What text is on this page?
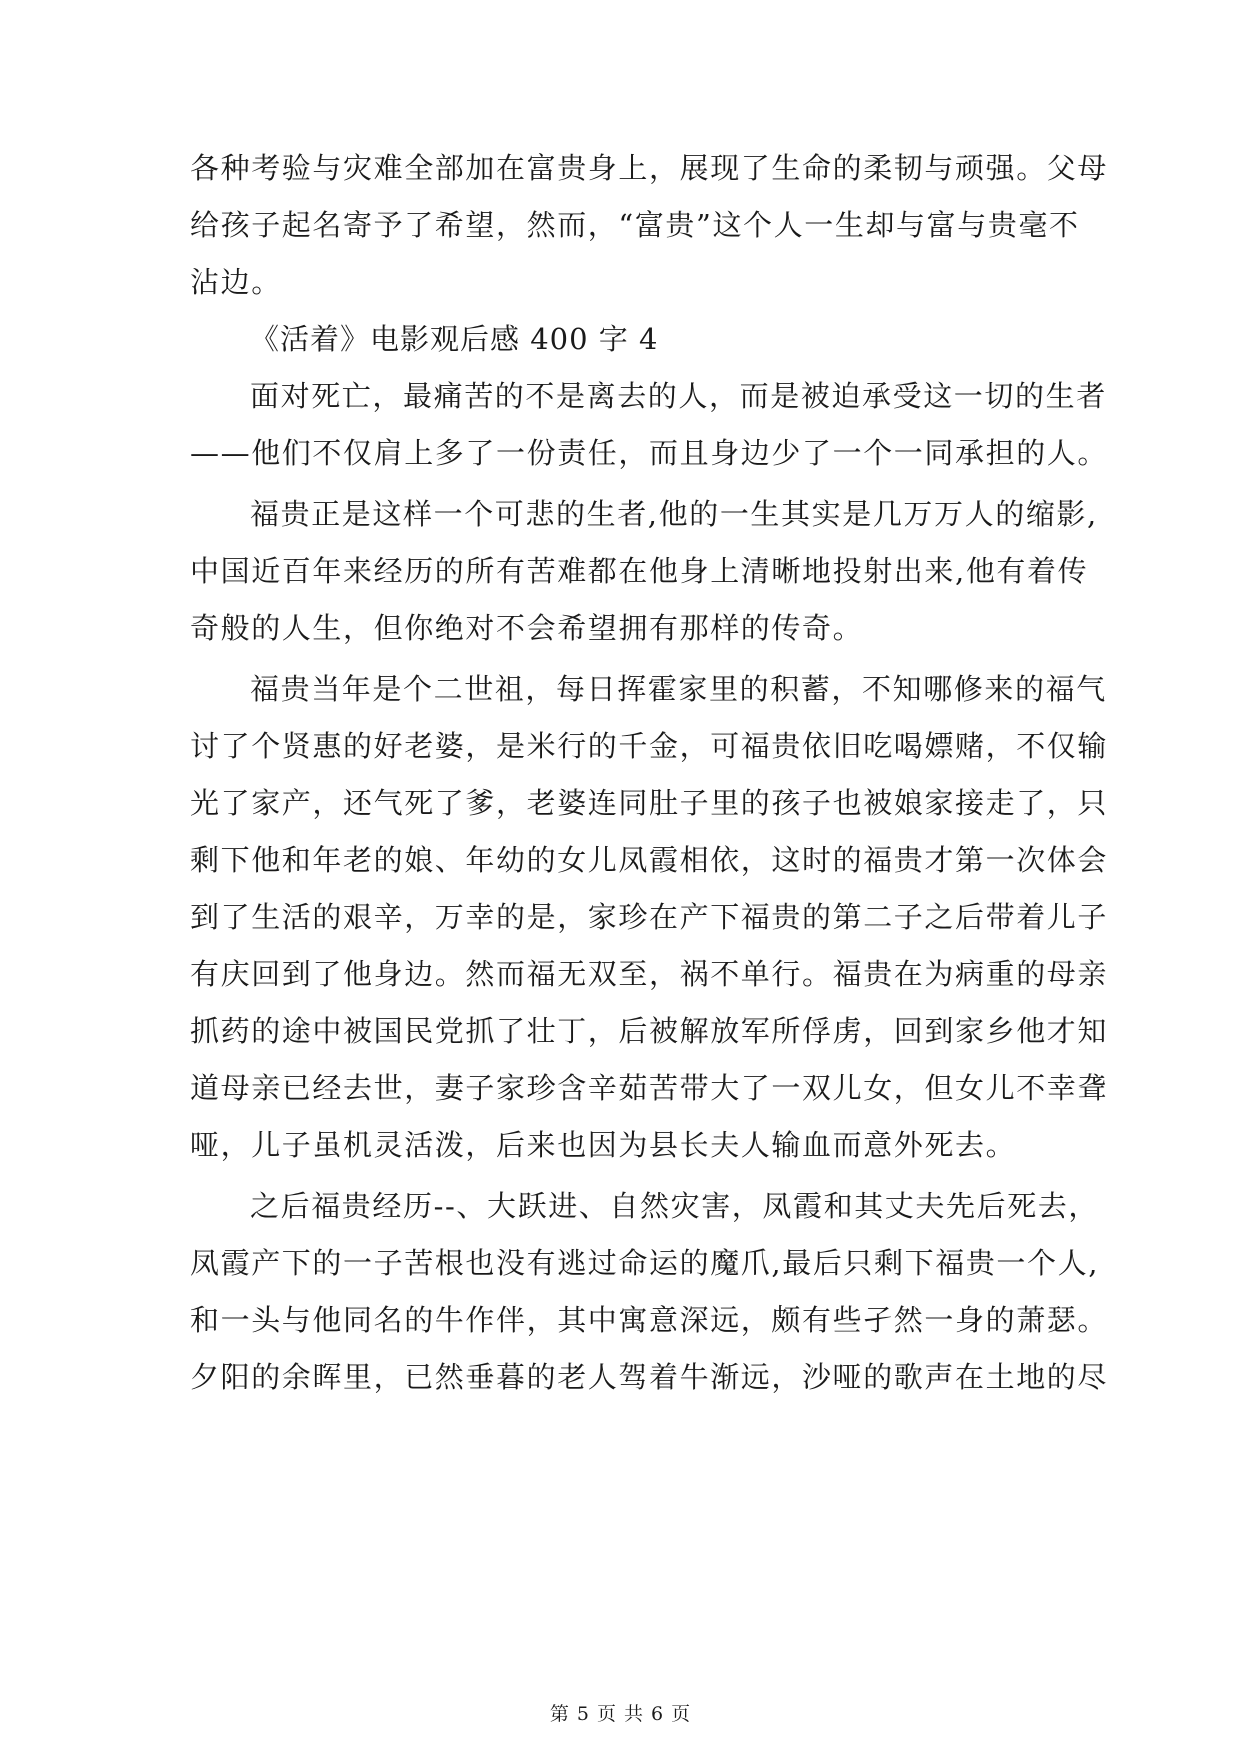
各种考验与灾难全部加在富贵身上，展现了生命的柔韧与顽强。父母
给孩子起名寄予了希望，然而，“富贵”这个人一生却与富与贵毫不
沾边。
《活着》电影观后感 400 字 4
面对死亡，最痛苦的不是离去的人，而是被迫承受这一切的生者
——他们不仅肩上多了一份责任，而且身边少了一个一同承担的人。
福贵正是这样一个可悲的生者,他的一生其实是几万万人的缩影,
中国近百年来经历的所有苦难都在他身上清晰地投射出来,他有着传
奇般的人生，但你绝对不会希望拥有那样的传奇。
福贵当年是个二世祖，每日挥霍家里的积蓄，不知哪修来的福气
讨了个贤惠的好老婆，是米行的千金，可福贵依旧吃喝嫖赌，不仅输
光了家产，还气死了爹，老婆连同肚子里的孩子也被娘家接走了，只
剩下他和年老的娘、年幼的女儿凤霞相依，这时的福贵才第一次体会
到了生活的艰辛，万幸的是，家珍在产下福贵的第二子之后带着儿子
有庆回到了他身边。然而福无双至，祸不单行。福贵在为病重的母亲
抓药的途中被国民党抓了壮丁，后被解放军所俘虏，回到家乡他才知
道母亲已经去世，妻子家珍含辛茹苦带大了一双儿女，但女儿不幸聋
哑，儿子虽机灵活泼，后来也因为县长夫人输血而意外死去。
之后福贵经历--、大跃进、自然灾害，凤霞和其丈夫先后死去，
凤霞产下的一子苦根也没有逃过命运的魔爪,最后只剩下福贵一个人,
和一头与他同名的牛作伴，其中寓意深远，颇有些孑然一身的萧瑟。
夕阳的余晖里，已然垂暮的老人驾着牛渐远，沙哑的歌声在土地的尽
第 5 页 共 6 页
